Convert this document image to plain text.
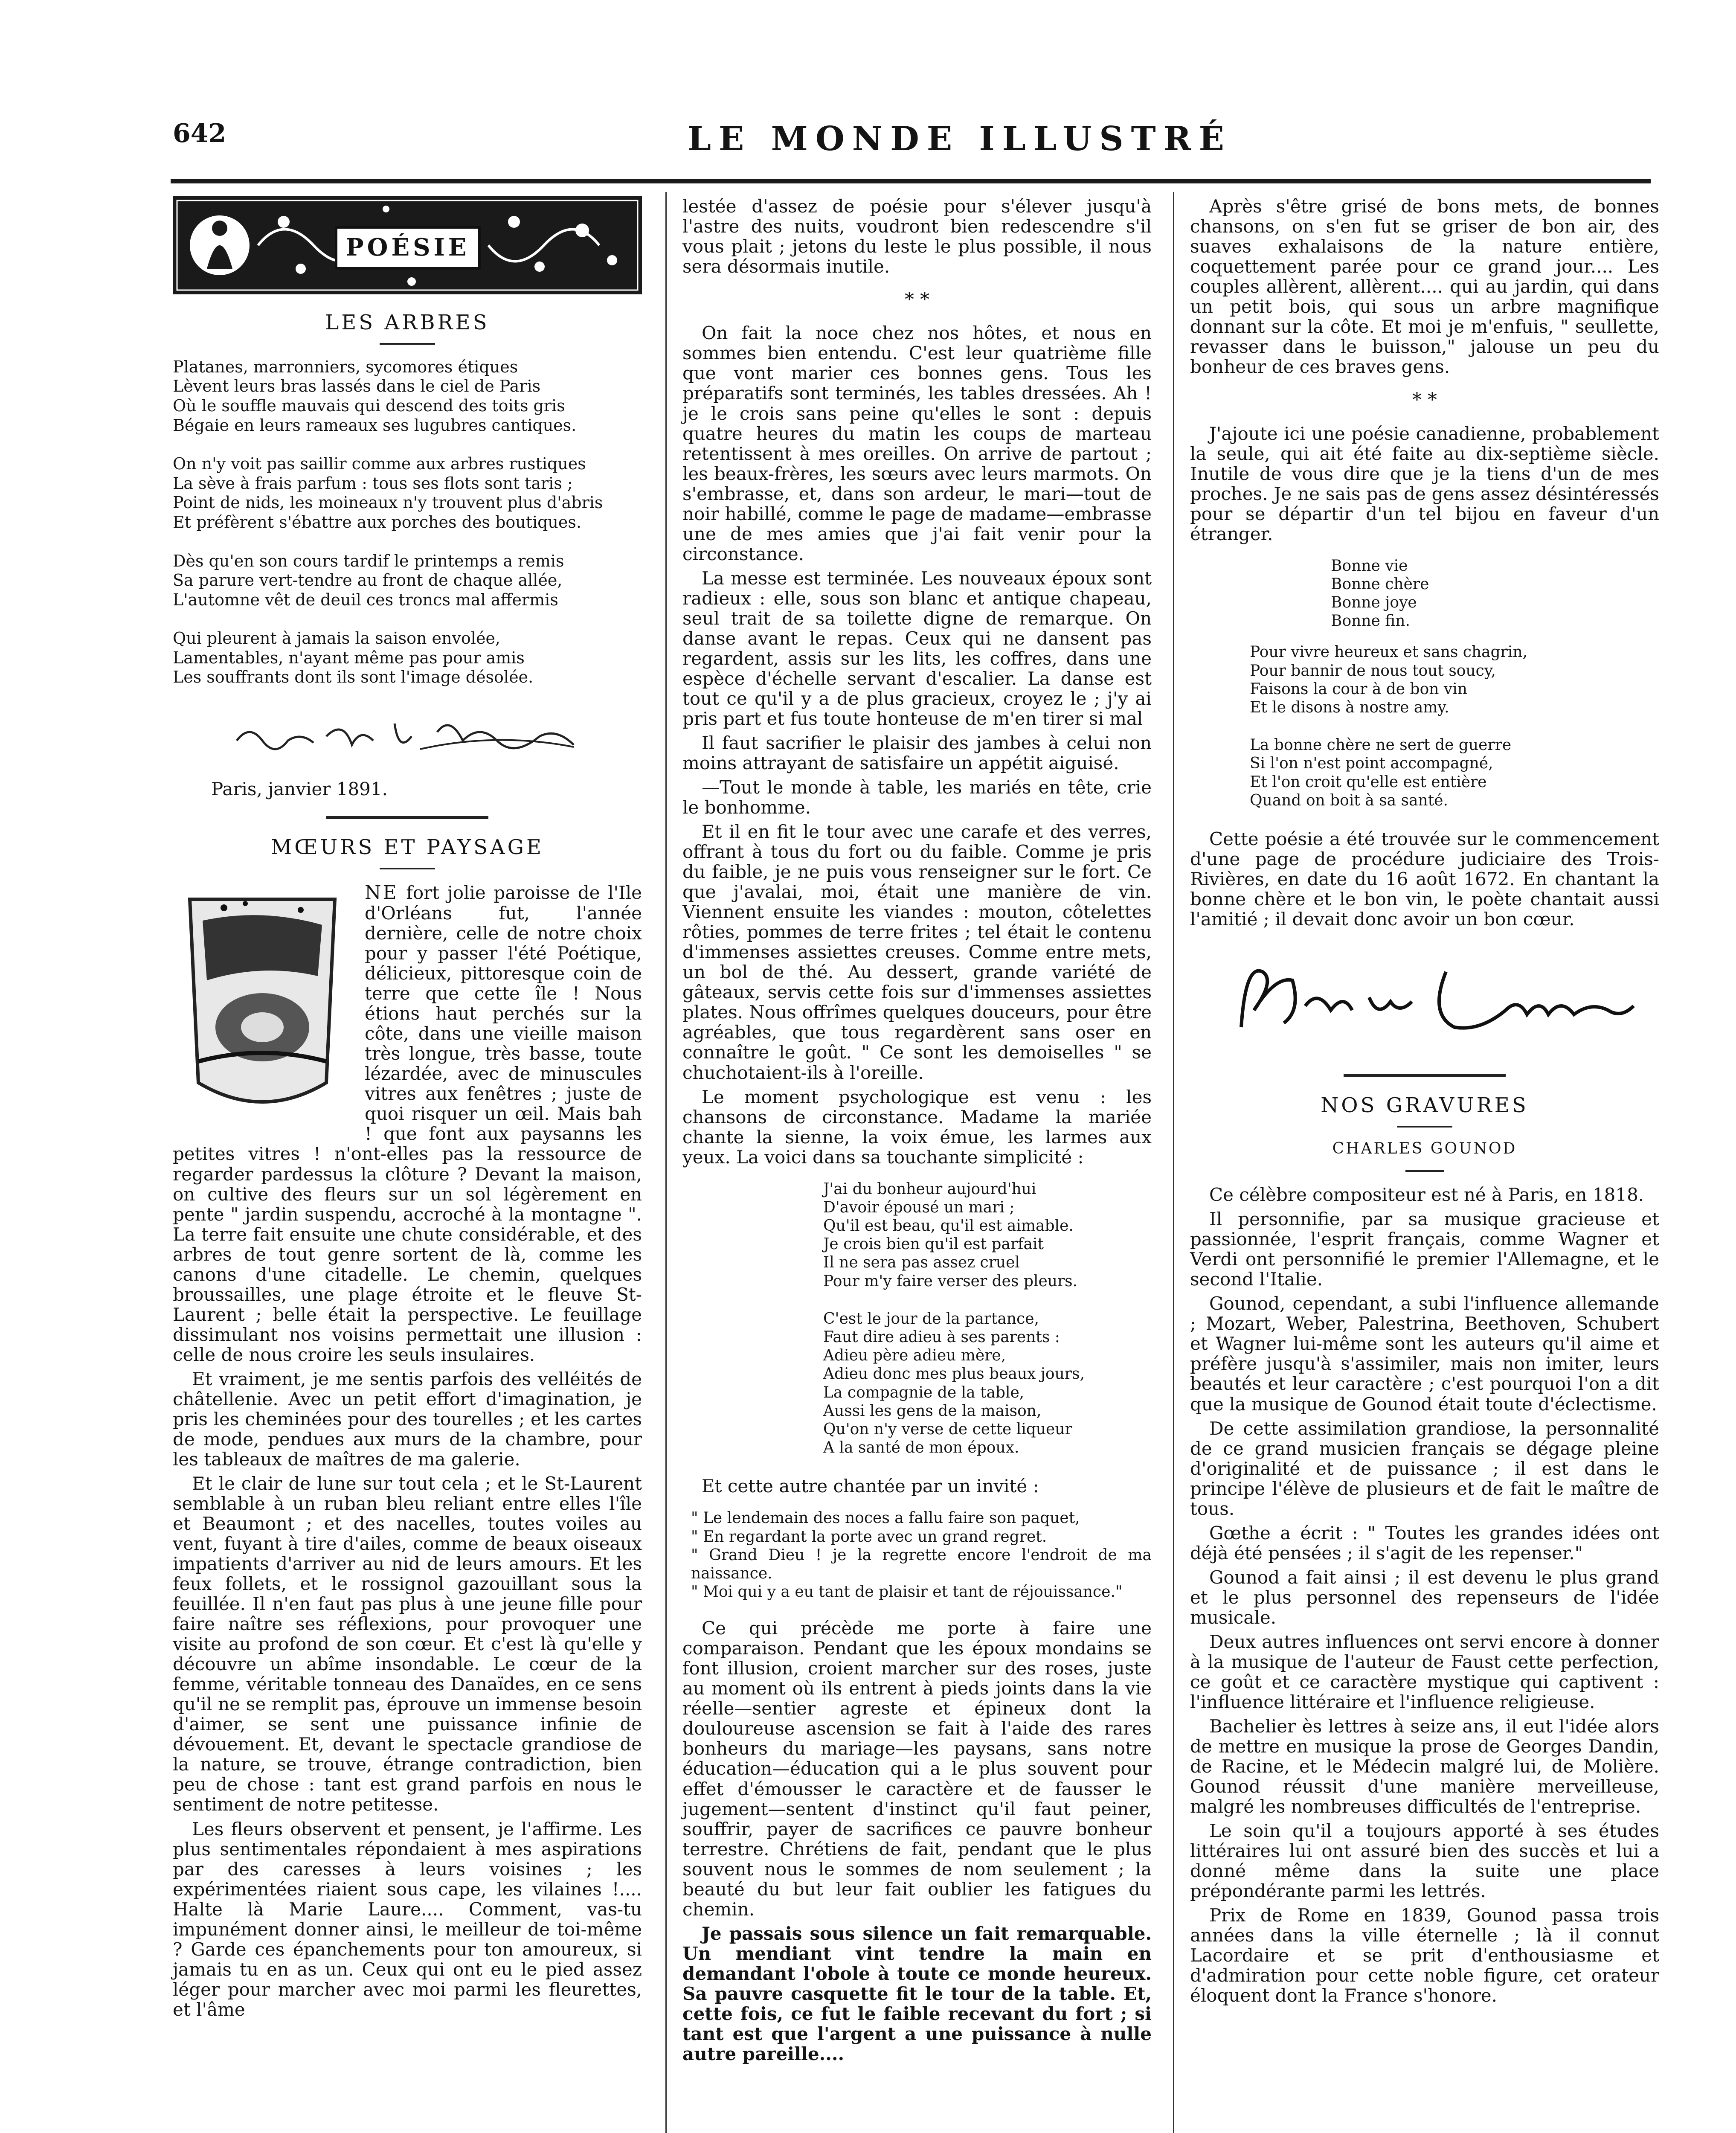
642	LE MONDE ILLUSTRÉ
POÉSIE
LES ARBRES
Platanes, marronniers, sycomores étiques
Lèvent leurs bras lassés dans le ciel de Paris
Où le souffle mauvais qui descend des toits gris
Bégaie en leurs rameaux ses lugubres cantiques.
On n'y voit pas saillir comme aux arbres rustiques
La sève à frais parfum : tous ses flots sont taris ;
Point de nids, les moineaux n'y trouvent plus d'abris
Et préfèrent s'ébattre aux porches des boutiques.
Dès qu'en son cours tardif le printemps a remis
Sa parure vert-tendre au front de chaque allée,
L'automne vêt de deuil ces troncs mal affermis
Qui pleurent à jamais la saison envolée,
Lamentables, n'ayant même pas pour amis
Les souffrants dont ils sont l'image désolée.
Paris, janvier 1891.
MŒURS ET PAYSAGE

NE fort jolie paroisse de l'Ile d'Orléans fut, l'année dernière, celle de notre choix pour y passer l'été Poétique, délicieux, pittoresque coin de terre que cette île ! Nous étions haut perchés sur la côte, dans une vieille maison très longue, très basse, toute lézardée, avec de minuscules vitres aux fenêtres ; juste de quoi risquer un œil. Mais bah ! que font aux paysanns les petites vitres ! n'ont-elles pas la ressource de regarder pardessus la clôture ? Devant la maison, on cultive des fleurs sur un sol légèrement en pente " jardin suspendu, accroché à la montagne ". La terre fait ensuite une chute considérable, et des arbres de tout genre sortent de là, comme les canons d'une citadelle. Le chemin, quelques broussailles, une plage étroite et le fleuve St-Laurent ; belle était la perspective. Le feuillage dissimulant nos voisins permettait une illusion : celle de nous croire les seuls insulaires.

Et vraiment, je me sentis parfois des velléités de châtellenie. Avec un petit effort d'imagination, je pris les cheminées pour des tourelles ; et les cartes de mode, pendues aux murs de la chambre, pour les tableaux de maîtres de ma galerie.

Et le clair de lune sur tout cela ; et le St-Laurent semblable à un ruban bleu reliant entre elles l'île et Beaumont ; et des nacelles, toutes voiles au vent, fuyant à tire d'ailes, comme de beaux oiseaux impatients d'arriver au nid de leurs amours. Et les feux follets, et le rossignol gazouillant sous la feuillée. Il n'en faut pas plus à une jeune fille pour faire naître ses réflexions, pour provoquer une visite au profond de son cœur. Et c'est là qu'elle y découvre un abîme insondable. Le cœur de la femme, véritable tonneau des Danaïdes, en ce sens qu'il ne se remplit pas, éprouve un immense besoin d'aimer, se sent une puissance infinie de dévouement. Et, devant le spectacle grandiose de la nature, se trouve, étrange contradiction, bien peu de chose : tant est grand parfois en nous le sentiment de notre petitesse.

Les fleurs observent et pensent, je l'affirme. Les plus sentimentales répondaient à mes aspirations par des caresses à leurs voisines ; les expérimentées riaient sous cape, les vilaines !.... Halte là Marie Laure.... Comment, vas-tu impunément donner ainsi, le meilleur de toi-même ? Garde ces épanchements pour ton amoureux, si jamais tu en as un. Ceux qui ont eu le pied assez léger pour marcher avec moi parmi les fleurettes, et l'âme

lestée d'assez de poésie pour s'élever jusqu'à l'astre des nuits, voudront bien redescendre s'il vous plait ; jetons du leste le plus possible, il nous sera désormais inutile.

* *

On fait la noce chez nos hôtes, et nous en sommes bien entendu. C'est leur quatrième fille que vont marier ces bonnes gens. Tous les préparatifs sont terminés, les tables dressées. Ah ! je le crois sans peine qu'elles le sont : depuis quatre heures du matin les coups de marteau retentissent à mes oreilles. On arrive de partout ; les beaux-frères, les sœurs avec leurs marmots. On s'embrasse, et, dans son ardeur, le mari—tout de noir habillé, comme le page de madame—embrasse une de mes amies que j'ai fait venir pour la circonstance.

La messe est terminée. Les nouveaux époux sont radieux : elle, sous son blanc et antique chapeau, seul trait de sa toilette digne de remarque. On danse avant le repas. Ceux qui ne dansent pas regardent, assis sur les lits, les coffres, dans une espèce d'échelle servant d'escalier. La danse est tout ce qu'il y a de plus gracieux, croyez le ; j'y ai pris part et fus toute honteuse de m'en tirer si mal

Il faut sacrifier le plaisir des jambes à celui non moins attrayant de satisfaire un appétit aiguisé.

—Tout le monde à table, les mariés en tête, crie le bonhomme.

Et il en fit le tour avec une carafe et des verres, offrant à tous du fort ou du faible. Comme je pris du faible, je ne puis vous renseigner sur le fort. Ce que j'avalai, moi, était une manière de vin. Viennent ensuite les viandes : mouton, côtelettes rôties, pommes de terre frites ; tel était le contenu d'immenses assiettes creuses. Comme entre mets, un bol de thé. Au dessert, grande variété de gâteaux, servis cette fois sur d'immenses assiettes plates. Nous offrîmes quelques douceurs, pour être agréables, que tous regardèrent sans oser en connaître le goût. " Ce sont les demoiselles " se chuchotaient-ils à l'oreille.

Le moment psychologique est venu : les chansons de circonstance. Madame la mariée chante la sienne, la voix émue, les larmes aux yeux. La voici dans sa touchante simplicité :

J'ai du bonheur aujourd'hui
D'avoir épousé un mari ;
Qu'il est beau, qu'il est aimable.
Je crois bien qu'il est parfait
Il ne sera pas assez cruel
Pour m'y faire verser des pleurs.
C'est le jour de la partance,
Faut dire adieu à ses parents :
Adieu père adieu mère,
Adieu donc mes plus beaux jours,
La compagnie de la table,
Aussi les gens de la maison,
Qu'on n'y verse de cette liqueur
A la santé de mon époux.

Et cette autre chantée par un invité :

" Le lendemain des noces a fallu faire son paquet,
" En regardant la porte avec un grand regret.
" Grand Dieu ! je la regrette encore l'endroit de ma naissance.
" Moi qui y a eu tant de plaisir et tant de réjouissance."

Ce qui précède me porte à faire une comparaison. Pendant que les époux mondains se font illusion, croient marcher sur des roses, juste au moment où ils entrent à pieds joints dans la vie réelle—sentier agreste et épineux dont la douloureuse ascension se fait à l'aide des rares bonheurs du mariage—les paysans, sans notre éducation—éducation qui a le plus souvent pour effet d'émousser le caractère et de fausser le jugement—sentent d'instinct qu'il faut peiner, souffrir, payer de sacrifices ce pauvre bonheur terrestre. Chrétiens de fait, pendant que le plus souvent nous le sommes de nom seulement ; la beauté du but leur fait oublier les fatigues du chemin.

Je passais sous silence un fait remarquable. Un mendiant vint tendre la main en demandant l'obole à toute ce monde heureux. Sa pauvre casquette fit le tour de la table. Et, cette fois, ce fut le faible recevant du fort ; si tant est que l'argent a une puissance à nulle autre pareille....

Après s'être grisé de bons mets, de bonnes chansons, on s'en fut se griser de bon air, des suaves exhalaisons de la nature entière, coquettement parée pour ce grand jour.... Les couples allèrent, allèrent.... qui au jardin, qui dans un petit bois, qui sous un arbre magnifique donnant sur la côte. Et moi je m'enfuis, " seullette, revasser dans le buisson," jalouse un peu du bonheur de ces braves gens.

* *

J'ajoute ici une poésie canadienne, probablement la seule, qui ait été faite au dix-septième siècle. Inutile de vous dire que je la tiens d'un de mes proches. Je ne sais pas de gens assez désintéressés pour se départir d'un tel bijou en faveur d'un étranger.

Bonne vie
Bonne chère
Bonne joye
Bonne fin.
Pour vivre heureux et sans chagrin,
Pour bannir de nous tout soucy,
Faisons la cour à de bon vin
Et le disons à nostre amy.
La bonne chère ne sert de guerre
Si l'on n'est point accompagné,
Et l'on croit qu'elle est entière
Quand on boit à sa santé.

Cette poésie a été trouvée sur le commencement d'une page de procédure judiciaire des Trois-Rivières, en date du 16 août 1672. En chantant la bonne chère et le bon vin, le poète chantait aussi l'amitié ; il devait donc avoir un bon cœur.

NOS GRAVURES
CHARLES GOUNOD

Ce célèbre compositeur est né à Paris, en 1818.

Il personnifie, par sa musique gracieuse et passionnée, l'esprit français, comme Wagner et Verdi ont personnifié le premier l'Allemagne, et le second l'Italie.

Gounod, cependant, a subi l'influence allemande ; Mozart, Weber, Palestrina, Beethoven, Schubert et Wagner lui-même sont les auteurs qu'il aime et préfère jusqu'à s'assimiler, mais non imiter, leurs beautés et leur caractère ; c'est pourquoi l'on a dit que la musique de Gounod était toute d'éclectisme.

De cette assimilation grandiose, la personnalité de ce grand musicien français se dégage pleine d'originalité et de puissance ; il est dans le principe l'élève de plusieurs et de fait le maître de tous.

Gœthe a écrit : " Toutes les grandes idées ont déjà été pensées ; il s'agit de les repenser."

Gounod a fait ainsi ; il est devenu le plus grand et le plus personnel des repenseurs de l'idée musicale.

Deux autres influences ont servi encore à donner à la musique de l'auteur de Faust cette perfection, ce goût et ce caractère mystique qui captivent : l'influence littéraire et l'influence religieuse.

Bachelier ès lettres à seize ans, il eut l'idée alors de mettre en musique la prose de Georges Dandin, de Racine, et le Médecin malgré lui, de Molière. Gounod réussit d'une manière merveilleuse, malgré les nombreuses difficultés de l'entreprise.

Le soin qu'il a toujours apporté à ses études littéraires lui ont assuré bien des succès et lui a donné même dans la suite une place prépondérante parmi les lettrés.

Prix de Rome en 1839, Gounod passa trois années dans la ville éternelle ; là il connut Lacordaire et se prit d'enthousiasme et d'admiration pour cette noble figure, cet orateur éloquent dont la France s'honore.
